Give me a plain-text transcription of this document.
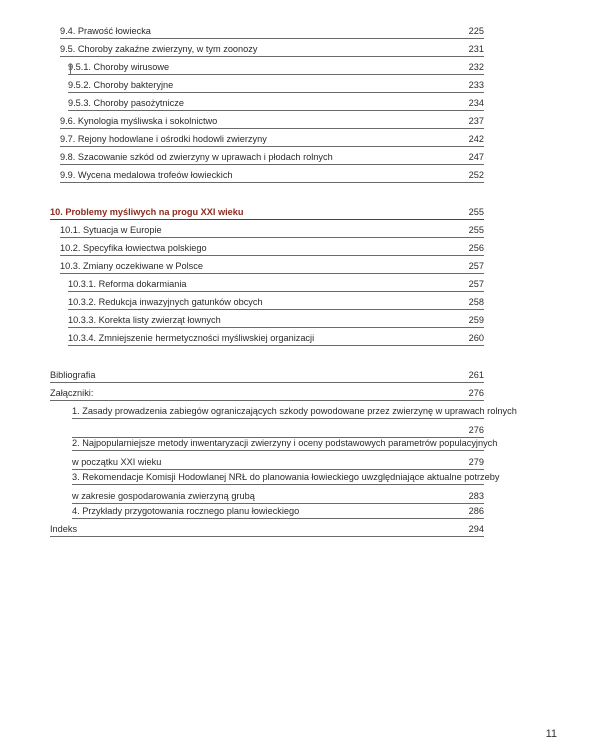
9.4. Prawość łowiecka	225
9.5. Choroby zakaźne zwierzyny, w tym zoonozy	231
9.5.1. Choroby wirusowe	232
9.5.2. Choroby bakteryjne	233
9.5.3. Choroby pasożytnicze	234
9.6. Kynologia myśliwska i sokolnictwo	237
9.7. Rejony hodowlane i ośrodki hodowli zwierzyny	242
9.8. Szacowanie szkód od zwierzyny w uprawach i płodach rolnych	247
9.9. Wycena medalowa trofeów łowieckich	252
10. Problemy myśliwych na progu XXI wieku	255
10.1. Sytuacja w Europie	255
10.2. Specyfika łowiectwa polskiego	256
10.3. Zmiany oczekiwane w Polsce	257
10.3.1. Reforma dokarmiania	257
10.3.2. Redukcja inwazyjnych gatunków obcych	258
10.3.3. Korekta listy zwierząt łownych	259
10.3.4. Zmniejszenie hermetyczności myśliwskiej organizacji	260
Bibliografia	261
Załączniki:	276
1. Zasady prowadzenia zabiegów ograniczających szkody powodowane przez zwierzynę w uprawach rolnych
276
2. Najpopularniejsze metody inwentaryzacji zwierzyny i oceny podstawowych parametrów populacyjnych
w początku XXI wieku	279
3. Rekomendacje Komisji Hodowlanej NRŁ do planowania łowieckiego uwzględniające aktualne potrzeby
w zakresie gospodarowania zwierzyną grubą	283
4. Przykłady przygotowania rocznego planu łowieckiego	286
Indeks	294
11
